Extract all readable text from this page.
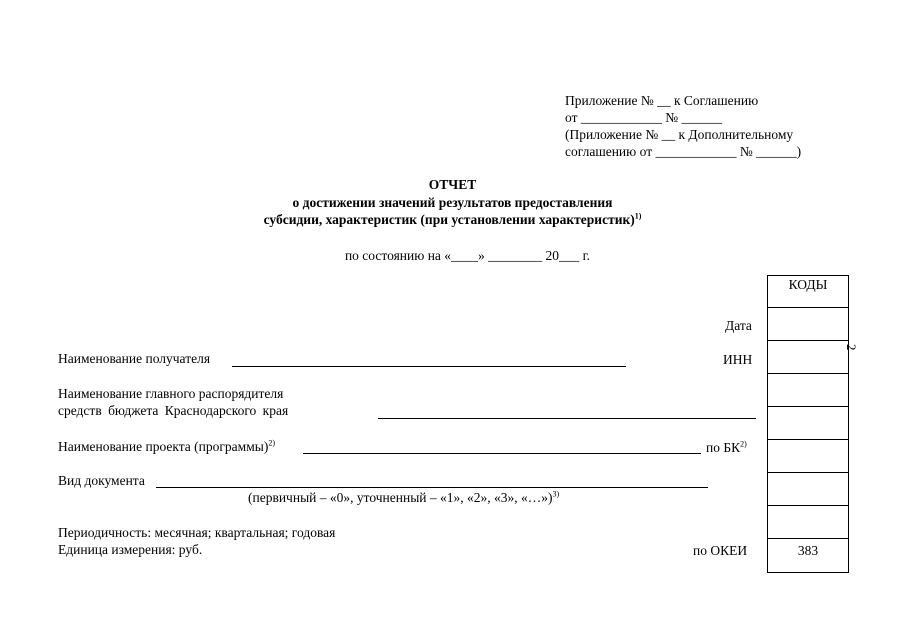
Приложение № __ к Соглашению
от ____________ № ______
(Приложение № __ к Дополнительному
соглашению от ____________ № ______)
ОТЧЕТ
о достижении значений результатов предоставления
субсидии, характеристик (при установлении характеристик)$^{1)}$
по состоянию на «____» ________ 20___ г.
КОДЫ
383
Дата
ИНН
по БК$^{2)}$
по ОКЕИ
Наименование получателя
Наименование главного распорядителя
средств бюджета Краснодарского края
Наименование проекта (программы)$^{2)}$
Вид документа
(первичный – «0», уточненный – «1», «2», «3», «…»)$^{3)}$
Периодичность: месячная; квартальная; годовая
Единица измерения: руб.
2
